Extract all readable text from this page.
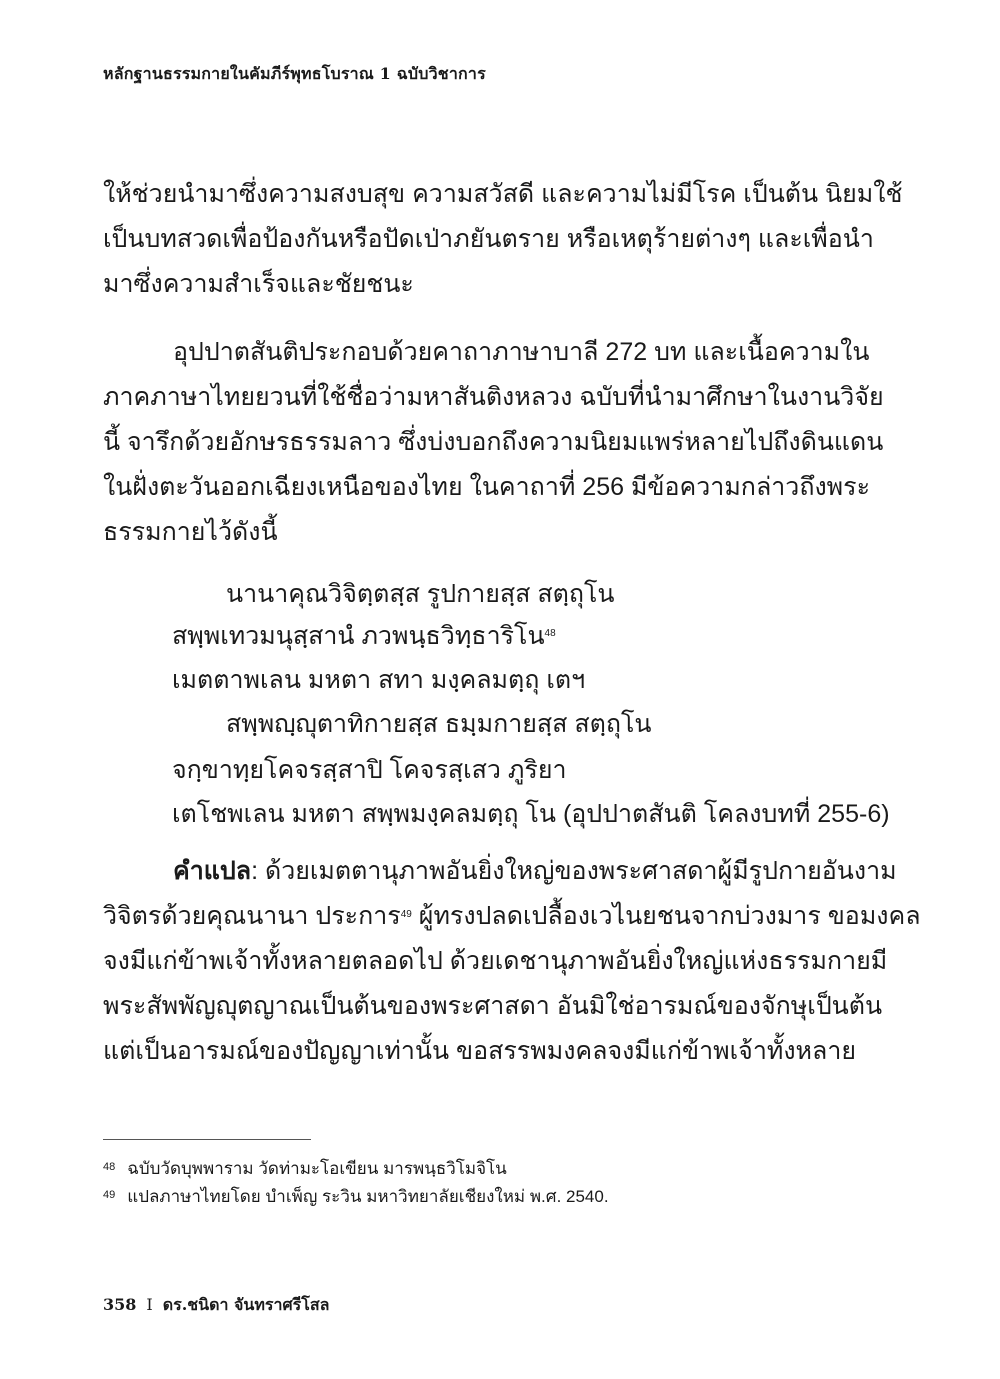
หลักฐานธรรมกายในคัมภีร์พุทธโบราณ 1 ฉบับวิชาการ
ให้ช่วยนำมาซึ่งความสงบสุข ความสวัสดี และความไม่มีโรค เป็นต้น นิยมใช้
เป็นบทสวดเพื่อป้องกันหรือปัดเป่าภยันตราย หรือเหตุร้ายต่างๆ และเพื่อนำ
มาซึ่งความสำเร็จและชัยชนะ
อุปปาตสันติประกอบด้วยคาถาภาษาบาลี 272 บท และเนื้อความใน
ภาคภาษาไทยยวนที่ใช้ชื่อว่ามหาสันติงหลวง ฉบับที่นำมาศึกษาในงานวิจัย
นี้ จารึกด้วยอักษรธรรมลาว ซึ่งบ่งบอกถึงความนิยมแพร่หลายไปถึงดินแดน
ในฝั่งตะวันออกเฉียงเหนือของไทย ในคาถาที่ 256 มีข้อความกล่าวถึงพระ
ธรรมกายไว้ดังนี้
นานาคุณวิจิตฺตสฺส รูปกายสฺส สตฺถุโน
สพฺพเทวมนุสฺสานํ ภวพนฺธวิทฺธาริโน$^{48}$
เมตตาพเลน มหตา สทา มงฺคลมตฺถุ เตฯ
สพฺพญฺญุตาทิกายสฺส ธมฺมกายสฺส สตฺถุโน
จกฺขาทฺยโคจรสฺสาปิ โคจรสฺเสว ภูริยา
เตโชพเลน มหตา สพฺพมงฺคลมตฺถุ โน (อุปปาตสันติ โคลงบทที่ 255-6)
คำแปล: ด้วยเมตตานุภาพอันยิ่งใหญ่ของพระศาสดาผู้มีรูปกายอันงาม
วิจิตรด้วยคุณนานา ประการ$^{49}$ ผู้ทรงปลดเปลื้องเวไนยชนจากบ่วงมาร ขอมงคล
จงมีแก่ข้าพเจ้าทั้งหลายตลอดไป ด้วยเดชานุภาพอันยิ่งใหญ่แห่งธรรมกายมี
พระสัพพัญญุตญาณเป็นต้นของพระศาสดา อันมิใช่อารมณ์ของจักษุเป็นต้น
แต่เป็นอารมณ์ของปัญญาเท่านั้น ขอสรรพมงคลจงมีแก่ข้าพเจ้าทั้งหลาย
$^{48}$ ฉบับวัดบุพพาราม วัดท่ามะโอเขียน มารพนฺธวิโมจิโน
$^{49}$ แปลภาษาไทยโดย บำเพ็ญ ระวิน มหาวิทยาลัยเชียงใหม่ พ.ศ. 2540.
358 I ดร.ชนิดา จันทราศรีโสล
